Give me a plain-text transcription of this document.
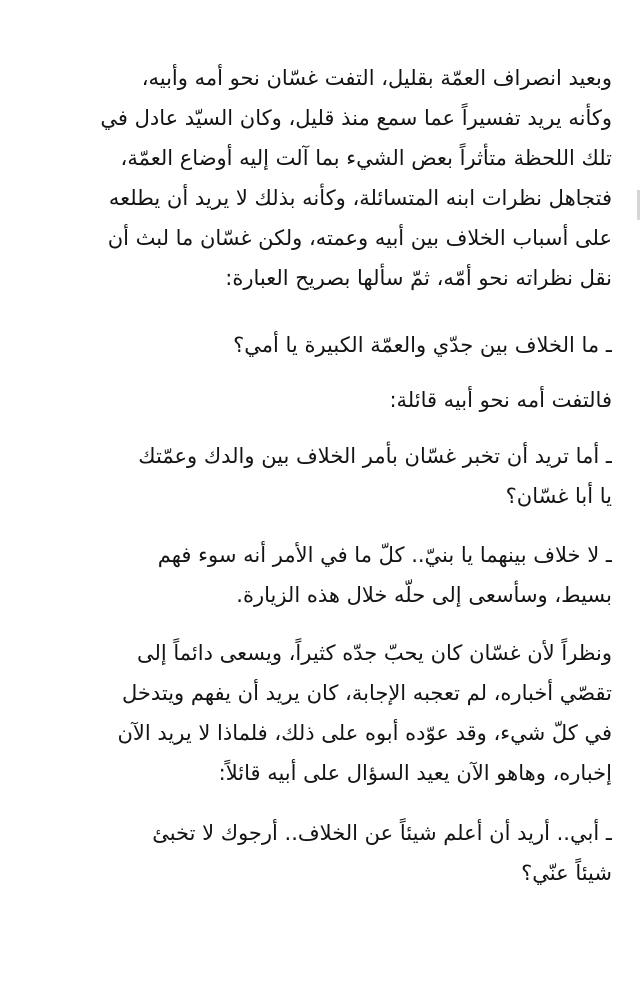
وبعيد انصراف العمّة بقليل، التفت غسّان نحو أمه وأبيه،
وكأنه يريد تفسيراً عما سمع منذ قليل، وكان السيّد عادل في
تلك اللحظة متأثراً بعض الشيء بما آلت إليه أوضاع العمّة،
فتجاهل نظرات ابنه المتسائلة، وكأنه بذلك لا يريد أن يطلعه
على أسباب الخلاف بين أبيه وعمته، ولكن غسّان ما لبث أن
نقل نظراته نحو أمّه، ثمّ سألها بصريح العبارة:
ـ ما الخلاف بين جدّي والعمّة الكبيرة يا أمي؟
فالتفت أمه نحو أبيه قائلة:
ـ أما تريد أن تخبر غسّان بأمر الخلاف بين والدك وعمّتك
يا أبا غسّان؟
ـ لا خلاف بينهما يا بنيّ.. كلّ ما في الأمر أنه سوء فهم
بسيط، وسأسعى إلى حلّه خلال هذه الزيارة.
ونظراً لأن غسّان كان يحبّ جدّه كثيراً، ويسعى دائماً إلى
تقصّي أخباره، لم تعجبه الإجابة، كان يريد أن يفهم ويتدخل
في كلّ شيء، وقد عوّده أبوه على ذلك، فلماذا لا يريد الآن
إخباره، وهاهو الآن يعيد السؤال على أبيه قائلاً:
ـ أبي.. أريد أن أعلم شيئاً عن الخلاف.. أرجوك لا تخبئ
شيئاً عنّي؟
